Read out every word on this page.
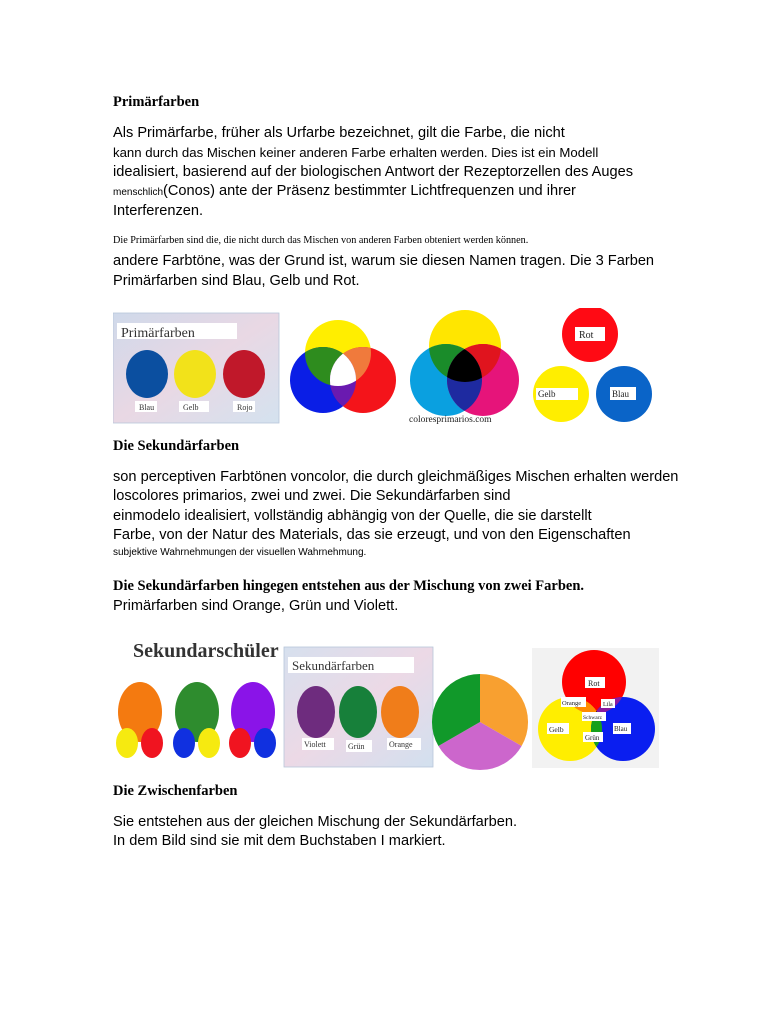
Primärfarben
Als Primärfarbe, früher als Urfarbe bezeichnet, gilt die Farbe, die nicht
kann durch das Mischen keiner anderen Farbe erhalten werden. Dies ist ein Modell
idealisiert, basierend auf der biologischen Antwort der Rezeptorzellen des Auges
menschlich(Conos) ante der Präsenz bestimmter Lichtfrequenzen und ihrer
Interferenzen.
Die Primärfarben sind die, die nicht durch das Mischen von anderen Farben obteniert werden können.
andere Farbtöne, was der Grund ist, warum sie diesen Namen tragen. Die 3 Farben
Primärfarben sind Blau, Gelb und Rot.
Primärfarben
Blau	Gelb	Rojo
coloresprimarios.com
Rot
Gelb	Blau
Die Sekundärfarben
son perceptiven Farbtönen voncolor, die durch gleichmäßiges Mischen erhalten werden
loscolores primarios, zwei und zwei. Die Sekundärfarben sind
einmodelo idealisiert, vollständig abhängig von der Quelle, die sie darstellt
Farbe, von der Natur des Materials, das sie erzeugt, und von den Eigenschaften
subjektive Wahrnehmungen der visuellen Wahrnehmung.
Die Sekundärfarben hingegen entstehen aus der Mischung von zwei Farben.
Primärfarben sind Orange, Grün und Violett.
Sekundarschüler
Sekundärfarben
Violett	Grün	Orange
Rot
Orange	Lila
Schwarz
Gelb	Blau
Grün
Die Zwischenfarben
Sie entstehen aus der gleichen Mischung der Sekundärfarben.
In dem Bild sind sie mit dem Buchstaben I markiert.
